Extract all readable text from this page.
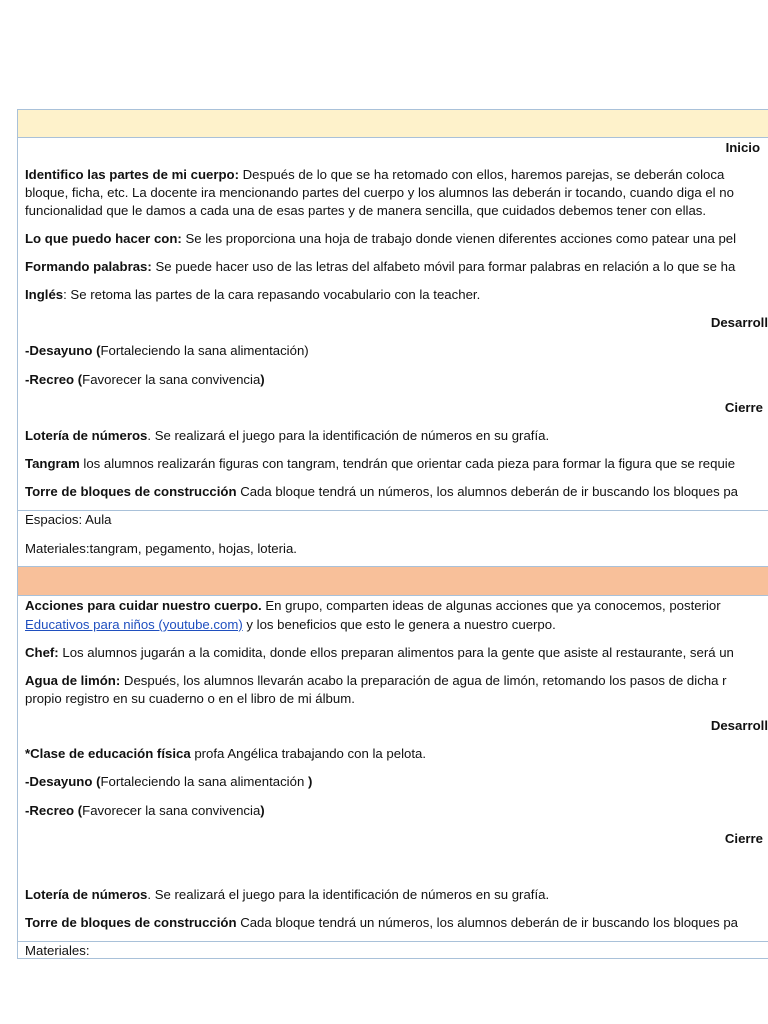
Inicio
Identifico las partes de mi cuerpo: Después de lo que se ha retomado con ellos, haremos parejas, se deberán coloca
bloque, ficha, etc. La docente ira mencionando partes del cuerpo y los alumnos las deberán ir tocando, cuando diga el no
funcionalidad que le damos a cada una de esas partes y de manera sencilla, que cuidados debemos tener con ellas.
Lo que puedo hacer con: Se les proporciona una hoja de trabajo donde vienen diferentes acciones como patear una pel
Formando palabras: Se puede hacer uso de las letras del alfabeto móvil para formar palabras en relación a lo que se ha
Inglés: Se retoma las partes de la cara repasando vocabulario con la teacher.
Desarroll
-Desayuno (Fortaleciendo la sana alimentación)
-Recreo (Favorecer la sana convivencia)
Cierre
Lotería de números. Se realizará el juego para la identificación de números en su grafía.
Tangram los alumnos realizarán figuras con tangram, tendrán que orientar cada pieza para formar la figura que se requie
Torre de bloques de construcción Cada bloque tendrá un números, los alumnos deberán de ir buscando los bloques pa
Espacios: Aula
Materiales:tangram, pegamento, hojas, loteria.
Acciones para cuidar nuestro cuerpo. En grupo, comparten ideas de algunas acciones que ya conocemos, posterior
Educativos para niños (youtube.com) y los beneficios que esto le genera a nuestro cuerpo.
Chef: Los alumnos jugarán a la comidita, donde ellos preparan alimentos para la gente que asiste al restaurante, será un
Agua de limón: Después, los alumnos llevarán acabo la preparación de agua de limón, retomando los pasos de dicha r
propio registro en su cuaderno o en el libro de mi álbum.
Desarroll
*Clase de educación física profa Angélica trabajando con la pelota.
-Desayuno (Fortaleciendo la sana alimentación )
-Recreo (Favorecer la sana convivencia)
Cierre
Lotería de números. Se realizará el juego para la identificación de números en su grafía.
Torre de bloques de construcción Cada bloque tendrá un números, los alumnos deberán de ir buscando los bloques pa
Materiales:
